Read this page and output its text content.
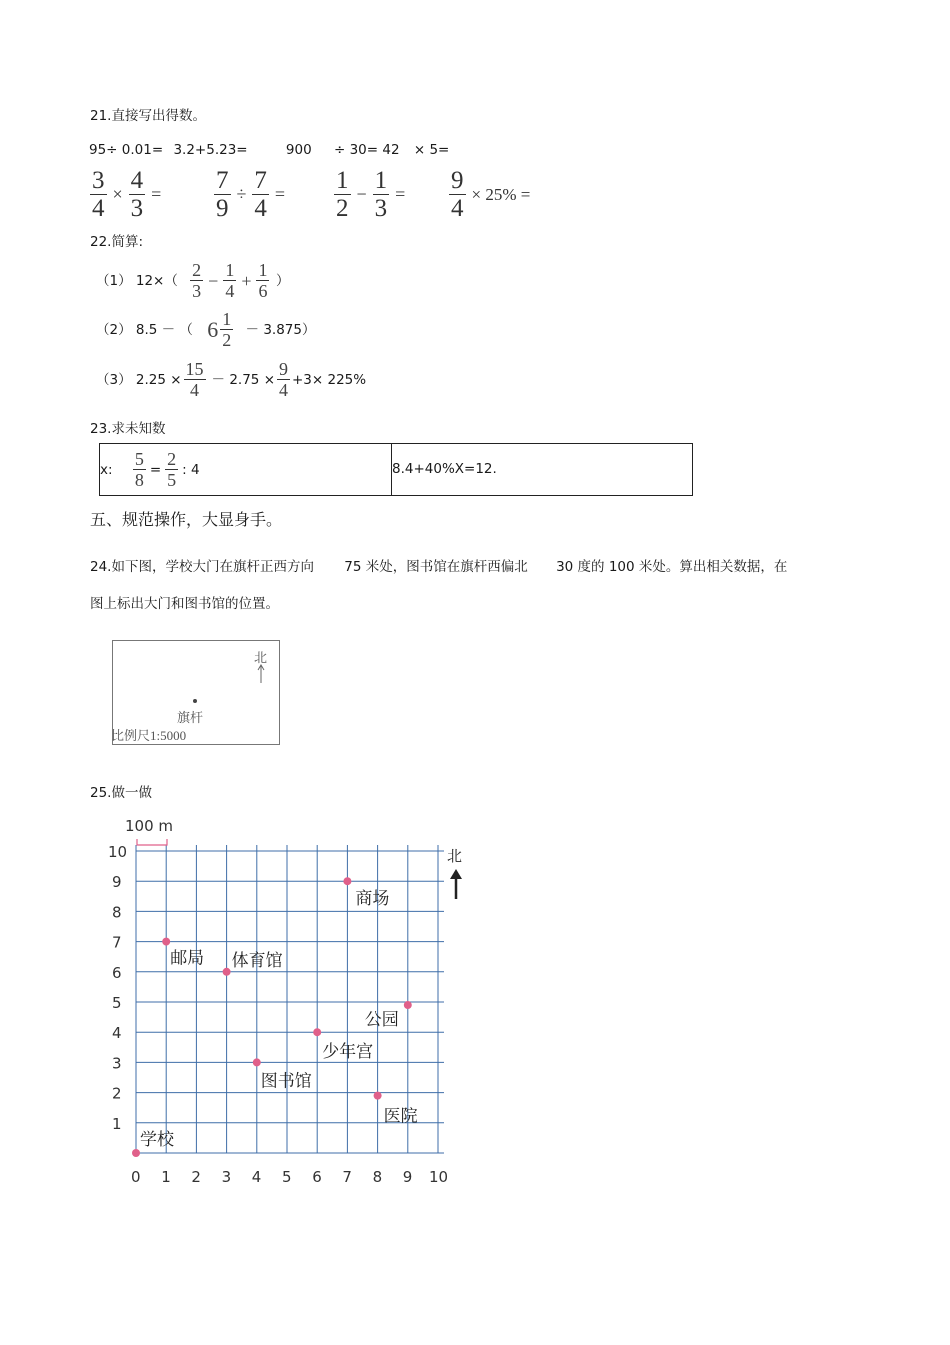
21.直接写出得数。
95÷ 0.01= 3.2+5.23=	900 ÷ 30= 42 × 5=
$\frac{3}{4} \times \frac{4}{3} = \frac{7}{9} \div \frac{7}{4} = \frac{1}{2} - \frac{1}{3} = \frac{9}{4} \times 25\%$ =
22.简算:
（1） $12\times( \frac{2}{3} - \frac{1}{4} + \frac{1}{6}$ ）
（2） 8.5 － （ $6 \frac{1}{2} - 3.875$）
（3） $2.25 \times \frac{15}{4} - 2.75 \times \frac{9}{4} +3\times 225\%$
23.求未知数
x: $\frac{5}{8} = \frac{2}{5}$ : 4	8.4+40%X=12.
五、规范操作，大显身手。
24.如下图，学校大门在旗杆正西方向 75 米处，图书馆在旗杆西偏北 30 度的 100 米处。算出相关数据，在
图上标出大门和图书馆的位置。
北
旗杆
比例尺1:5000
25.做一做
100 m
北
0 1 2 3 4 5 6 7 8 9 10
1
2
3
4
5
6
7
8
9
10
学校
邮局 体育馆
商场
公园
少年宫
图书馆
医院
